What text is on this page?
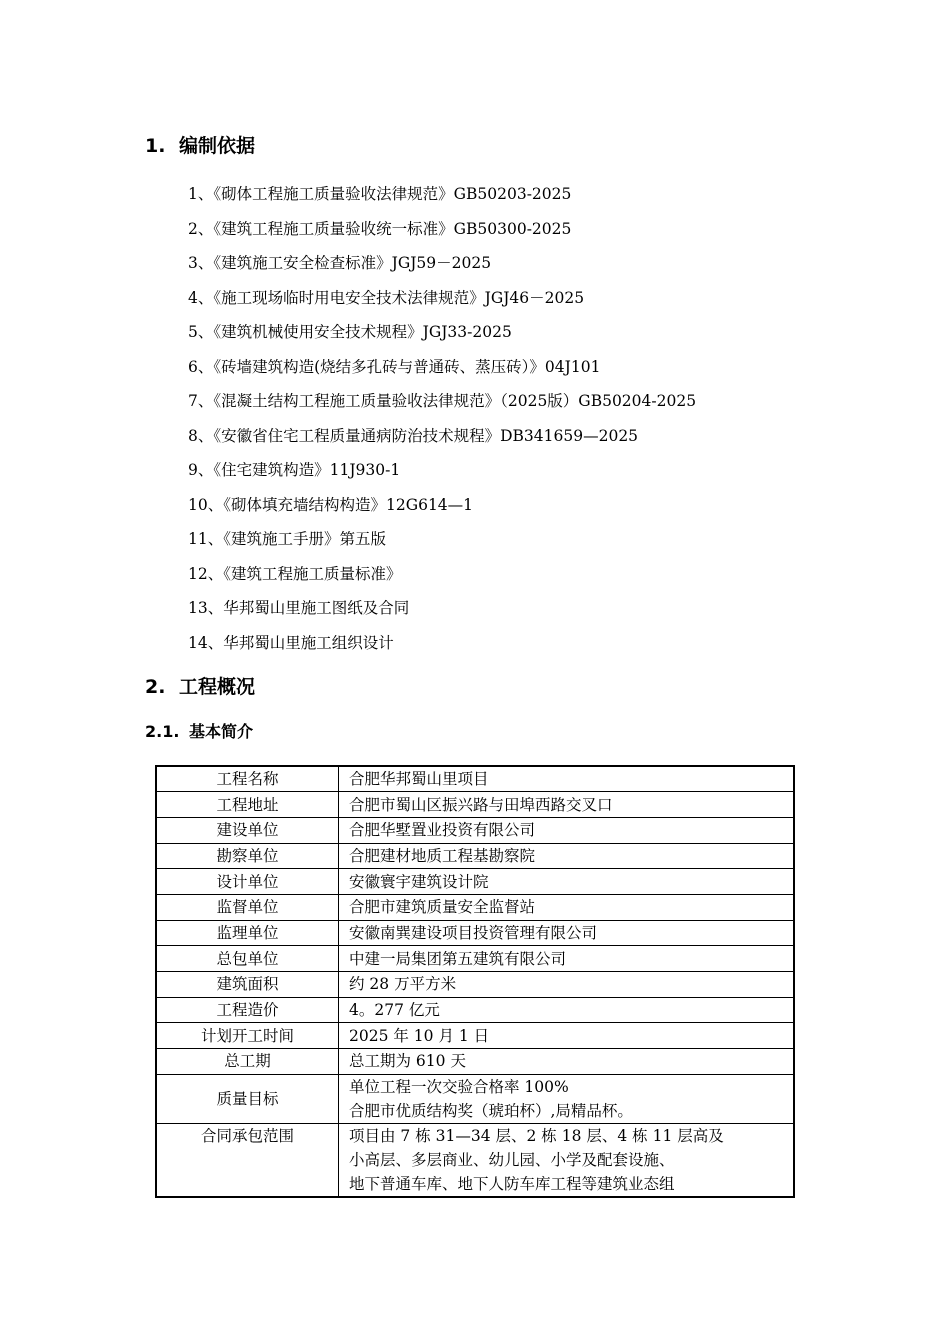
1. 编制依据
1、《砌体工程施工质量验收法律规范》GB50203-2025
2、《建筑工程施工质量验收统一标准》GB50300-2025
3、《建筑施工安全检查标准》JGJ59－2025
4、《施工现场临时用电安全技术法律规范》JGJ46－2025
5、《建筑机械使用安全技术规程》JGJ33-2025
6、《砖墙建筑构造(烧结多孔砖与普通砖、蒸压砖）》04J101
7、《混凝土结构工程施工质量验收法律规范》（2025版）GB50204-2025
8、《安徽省住宅工程质量通病防治技术规程》DB341659—2025
9、《住宅建筑构造》11J930-1
10、《砌体填充墙结构构造》12G614—1
11、《建筑施工手册》第五版
12、《建筑工程施工质量标准》
13、华邦蜀山里施工图纸及合同
14、华邦蜀山里施工组织设计
2. 工程概况
2.1. 基本简介
工程名称	合肥华邦蜀山里项目

工程地址	合肥市蜀山区振兴路与田埠西路交叉口

建设单位	合肥华墅置业投资有限公司

勘察单位	合肥建材地质工程基勘察院

设计单位	安徽寰宇建筑设计院

监督单位	合肥市建筑质量安全监督站

监理单位	安徽南巽建设项目投资管理有限公司

总包单位	中建一局集团第五建筑有限公司

建筑面积	约 28 万平方米

工程造价	4。277 亿元

计划开工时间	2025 年 10 月 1 日

总工期	总工期为 610 天

质量目标	单位工程一次交验合格率 100%
合肥市优质结构奖（琥珀杯）,局精品杯。

合同承包范围	项目由 7 栋 31—34 层、2 栋 18 层、4 栋 11 层高及
小高层、多层商业、幼儿园、小学及配套设施、
地下普通车库、地下人防车库工程等建筑业态组
